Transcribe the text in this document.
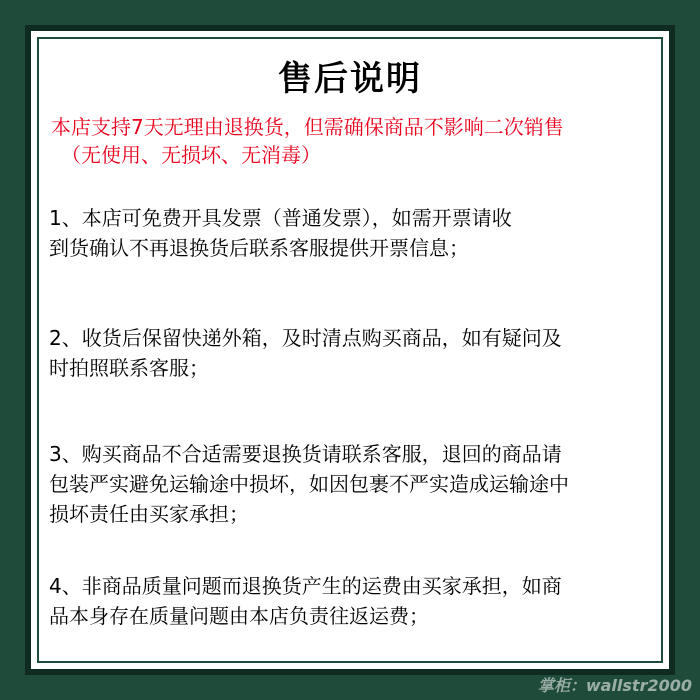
售后说明
本店支持7天无理由退换货，但需确保商品不影响二次销售
（无使用、无损坏、无消毒）
1、本店可免费开具发票（普通发票），如需开票请收
到货确认不再退换货后联系客服提供开票信息；
2、收货后保留快递外箱，及时清点购买商品，如有疑问及
时拍照联系客服；
3、购买商品不合适需要退换货请联系客服，退回的商品请
包装严实避免运输途中损坏，如因包裹不严实造成运输途中
损坏责任由买家承担；
4、非商品质量问题而退换货产生的运费由买家承担，如商
品本身存在质量问题由本店负责往返运费；
掌柜：wallstr2000
